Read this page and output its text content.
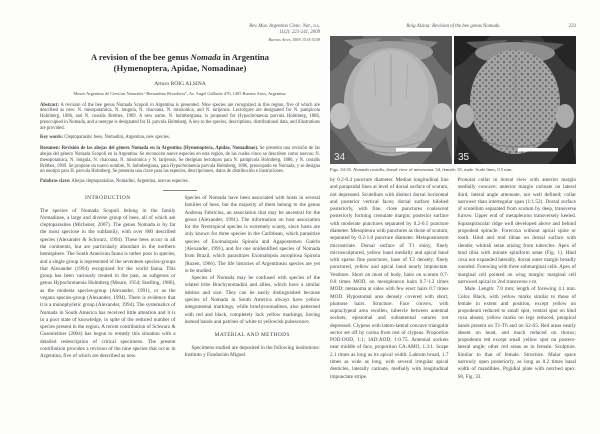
Rev. Mus. Argentino Cienc. Nat., n.s.
11(2): 221-241, 2009
Buenos Aires, ISSN 1514-5158
A revision of the bee genus Nomada in Argentina
(Hymenoptera, Apidae, Nomadinae)
Arturo ROIG ALSINA
Museo Argentino de Ciencias Naturales “Bernardino Rivadavia”, Av. Angel Gallardo 470, 1405 Buenos Aires, Argentina.

Abstract: A revision of the bee genus Nomada Scopoli in Argentina is presented. Nine species are recognized in this region, five of which are described as new: N. mesopotamica, N. longula, N. chacoana, N. missionica, and N. tarijensis. Lectotypes are designated for N. pampicola Holmberg, 1886, and N. costalis Brèthes, 1909. A new name, N. holmbergiana, is proposed for Hypochrotaenia parvula Holmberg, 1886, preoccupied in Nomada, and a neotype is designated for H. parvula Holmberg. A key to the species, descriptions, distributional data, and illustrations are provided.

Key words: Cleptoparasitic bees, Nomadini, Argentina, new species.

Resumen: Revisión de las abejas del género Nomada en la Argentina (Hymenoptera, Apidae, Nomadinae). Se presenta una revisión de las abejas del género Nomada Scopoli en la Argentina. Se reconocen nueve especies en esta región, de las cuales cinco se describen como nuevas: N. mesopotamica, N. longula, N. chacoana, N. missionica y N. tarijensis. Se designan lectotipos para N. pampicola Holmberg, 1886, y N. costalis Brèthes, 1909. Se propone un nuevo nombre, N. holmbergiana, para Hypochrotaenia parvula Holmberg, 1886, preocupado en Nomada, y se designa un neotipo para H. parvula Holmberg. Se presenta una clave para las especies, descripciones, datos de distribución e ilustraciones.

Palabras clave: Abejas cleptoparásitas, Nomadini, Argentina, nuevas especies.

INTRODUCTION

The species of Nomada Scopoli belong in the family Nomadinae, a large and diverse group of bees, all of which are cleptoparasites (Michener, 2007). The genus Nomada is by far the most speciose in the subfamily, with over 800 described species (Alexander & Schwarz, 1994). These bees occur in all the continents, but are particularly abundant in the northern hemisphere. The South American fauna is rather poor in species, and a single group is represented of the seventeen species-groups that Alexander (1994) recognized for the world fauna. This group has been variously treated in the past, as subgenus or genus Hypochrotaenia Holmberg (Moure, 1954; Snelling, 1986), as the modesta species-group (Alexander, 1991), or as the vegana species-group (Alexander, 1994). There is evidence that it is a monophyletic group (Alexander, 1994). The systematics of Nomada in South America has received little attention and it is in a poor state of knowledge, in spite of the reduced number of species present in the region. A recent contribution of Schwarz & Gusenleitner (2004) has begun to remedy this situation with a detailed redescription of critical specimens. The present contribution provides a revision of the nine species that occur in Argentina, five of which are described as new.

Species of Nomada have been associated with hosts in several families of bees, but the majority of them belong to the genus Andrena Fabricius, an association that may be ancestral for the genus (Alexander, 1991). The information on host association for the Neotropical species is extremely scanty, since hosts are only known for three species in the Caribbean, which parasitize species of Exomalopsis Spinola and Agapostemon Guérin (Alexander, 1991), and for one unidentified species of Nomada from Brazil, which parasitizes Exomalopsis auropilosa Spinola (Rozen, 1966). The life histories of Argentinean species are yet to be studied.

Species of Nomada may be confused with species of the related tribe Brachynomadini and allies, which have a similar habitus and size. They can be easily distinguished because species of Nomada in South America always have yellow integumental markings, while brachynomadines, also patterned with red and black, completely lack yellow markings, having instead bands and patches of white to yellowish pubescence.

MATERIAL AND METHODS

Specimens studied are deposited in the following institutions: Instituto y Fundación Miguel

Roig Alsina: Revision of the bee genus Nomada	233
34	35
Figs. 34-35. Nomada costalis, dorsal view of mesosoma. 34, female; 35, male. Scale lines, 0.5 mm.

by 0.2-0.4 puncture diameter. Median longitudinal line and parapsidal lines at level of dorsal surface of scutum, not depressed. Scutellum with distinct dorsal horizontal and posterior vertical faces; dorsal surface bilobed posteriorly, with fine, close punctures coalescent posteriorly forming crenulate margin; posterior surface with moderate punctures separated by 0.2-0.5 puncture diameter. Mesopleura with punctures as those of scutum, separated by 0.2-1.0 puncture diameter. Metapostnotum microstriate. Dorsal surface of T1 shiny, finely microsculptured, yellow band medially and apical band with sparse fine punctures, base of T2 densely, finely punctured, yellow and apical band nearly impunctate. Vestiture. Short on most of body, hairs on scutum 0.7-0.8 times MOD, on mesopleuron hairs 0.7-1.2 times MOD; metasoma at sides with few erect hairs 0.7 times MOD. Hypostomal area densely covered with short, plumose hairs. Structure. Face convex, with supraclypeal area swollen, tubercle between antennal sockets; epistomal and subantennal sutures not depressed. Clypeus with latero-lateral concave triangular sector set off by carina from rest of clypeus. Proportion POD:OOD, 1:1; IAD:AOD, 1:0.75. Antennal sockets near middle of face, proportion CA:AMO, 1.3:1. Scape 2.1 times as long as its apical width. Labrum broad, 1.7 times as wide as long, with several irregular apical denticles, laterally carinate, medially with longitudinal impunctate stripe.

Pronotal collar in dorsal view with anterior margin medially concave; anterior margin carinate on lateral third, lateral angle attenuate, not well defined; collar narrower than intertegular span (1:1.52). Dorsal surface of scutellum separated from scutum by deep, transverse furrow. Upper end of metapleuron transversely keeled. Supraspiracular ridge well developed above and behind propodeal spiracle. Forecoxa without apical spine or tooth. Hind and mid tibiae on dorsal surface with slender, whitish setae arising from tubercles. Apex of hind tibia with minute spiniform setae (Fig. 1). Hind coxa not expanded laterally, dorsal outer margin broadly rounded. Forewing with three submarginal cells. Apex of marginal cell pointed on wing margin; marginal cell narrowed apical to 2nd transverse r-m.

Male. Length: 7.0 mm; length of forewing 4.1 mm. Color. Black, with yellow marks similar to those of female in extent and position, except yellow on propodeum reduced to small spot, ventral spot on hind coxa absent, yellow marks on legs reduced, preapical bands present on T1-T6 and on S2-S5. Red areas nearly absent on head, and much reduced on thorax; propodeum red except small yellow spot on postero-lateral angle; other red areas as in female. Sculpture. Similar to that of female. Structure. Malar space narrowly open posteriorly, as long as 0.2 times basal width of mandibles. Pygidial plate with notched apex. S8, Fig. 33.
